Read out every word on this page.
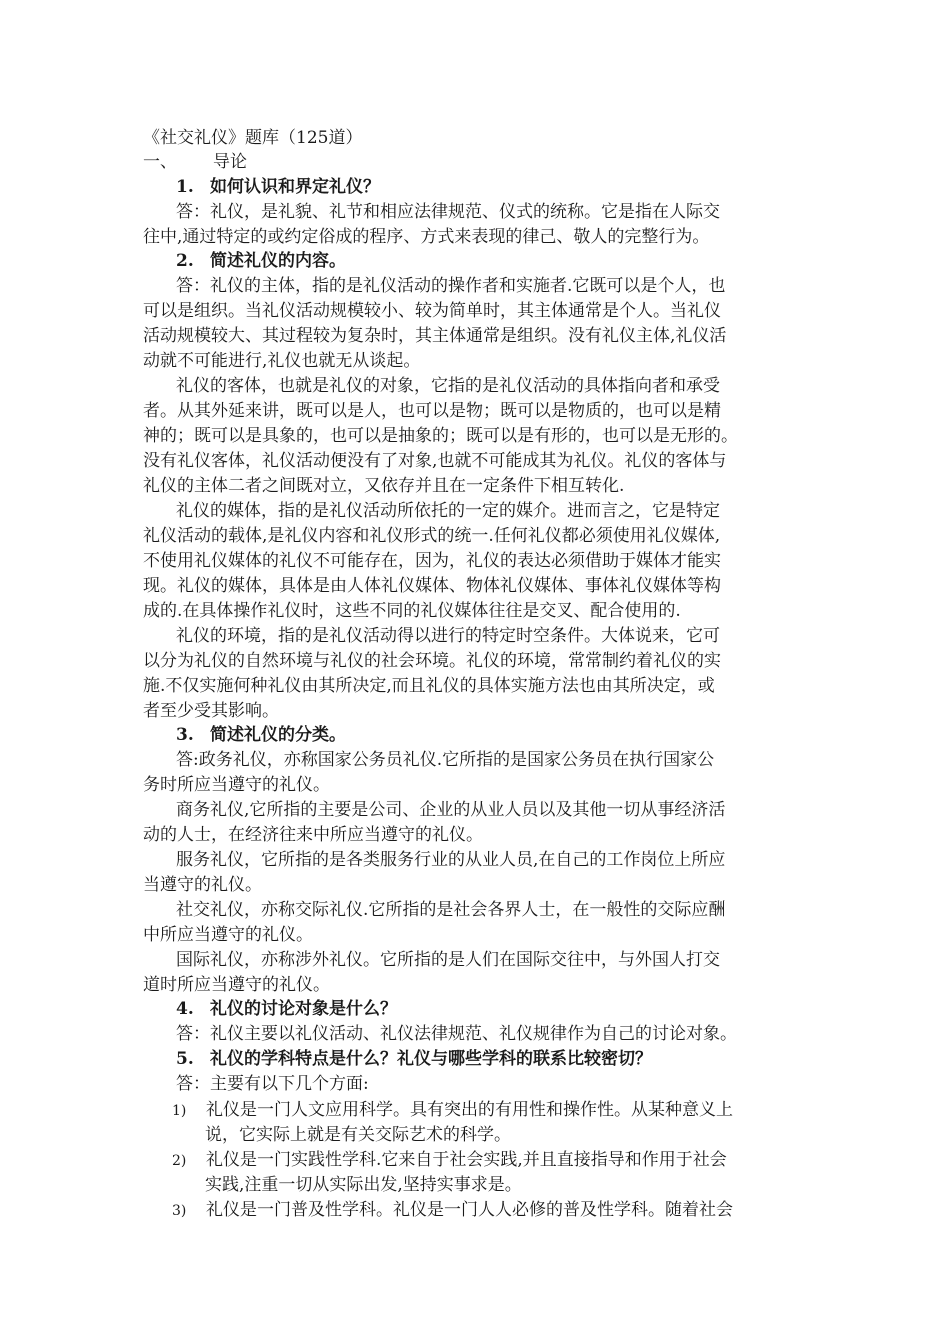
《社交礼仪》题库（125道）
一、 导论
1. 如何认识和界定礼仪？
答：礼仪，是礼貌、礼节和相应法律规范、仪式的统称。它是指在人际交
往中,通过特定的或约定俗成的程序、方式来表现的律己、敬人的完整行为。
2. 简述礼仪的内容。
答：礼仪的主体，指的是礼仪活动的操作者和实施者.它既可以是个人，也
可以是组织。当礼仪活动规模较小、较为简单时，其主体通常是个人。当礼仪
活动规模较大、其过程较为复杂时，其主体通常是组织。没有礼仪主体,礼仪活
动就不可能进行,礼仪也就无从谈起。
礼仪的客体，也就是礼仪的对象，它指的是礼仪活动的具体指向者和承受
者。从其外延来讲，既可以是人，也可以是物；既可以是物质的，也可以是精
神的；既可以是具象的，也可以是抽象的；既可以是有形的，也可以是无形的。
没有礼仪客体，礼仪活动便没有了对象,也就不可能成其为礼仪。礼仪的客体与
礼仪的主体二者之间既对立，又依存并且在一定条件下相互转化.
礼仪的媒体，指的是礼仪活动所依托的一定的媒介。进而言之，它是特定
礼仪活动的载体,是礼仪内容和礼仪形式的统一.任何礼仪都必须使用礼仪媒体,
不使用礼仪媒体的礼仪不可能存在，因为，礼仪的表达必须借助于媒体才能实
现。礼仪的媒体，具体是由人体礼仪媒体、物体礼仪媒体、事体礼仪媒体等构
成的.在具体操作礼仪时，这些不同的礼仪媒体往往是交叉、配合使用的.
礼仪的环境，指的是礼仪活动得以进行的特定时空条件。大体说来，它可
以分为礼仪的自然环境与礼仪的社会环境。礼仪的环境，常常制约着礼仪的实
施.不仅实施何种礼仪由其所决定,而且礼仪的具体实施方法也由其所决定，或
者至少受其影响。
3. 简述礼仪的分类。
答:政务礼仪，亦称国家公务员礼仪.它所指的是国家公务员在执行国家公
务时所应当遵守的礼仪。
商务礼仪,它所指的主要是公司、企业的从业人员以及其他一切从事经济活
动的人士，在经济往来中所应当遵守的礼仪。
服务礼仪，它所指的是各类服务行业的从业人员,在自己的工作岗位上所应
当遵守的礼仪。
社交礼仪，亦称交际礼仪.它所指的是社会各界人士，在一般性的交际应酬
中所应当遵守的礼仪。
国际礼仪，亦称涉外礼仪。它所指的是人们在国际交往中，与外国人打交
道时所应当遵守的礼仪。
4. 礼仪的讨论对象是什么？
答：礼仪主要以礼仪活动、礼仪法律规范、礼仪规律作为自己的讨论对象。
5. 礼仪的学科特点是什么？礼仪与哪些学科的联系比较密切？
答：主要有以下几个方面:
1) 礼仪是一门人文应用科学。具有突出的有用性和操作性。从某种意义上
说，它实际上就是有关交际艺术的科学。
2) 礼仪是一门实践性学科.它来自于社会实践,并且直接指导和作用于社会
实践,注重一切从实际出发,坚持实事求是。
3) 礼仪是一门普及性学科。礼仪是一门人人必修的普及性学科。随着社会
